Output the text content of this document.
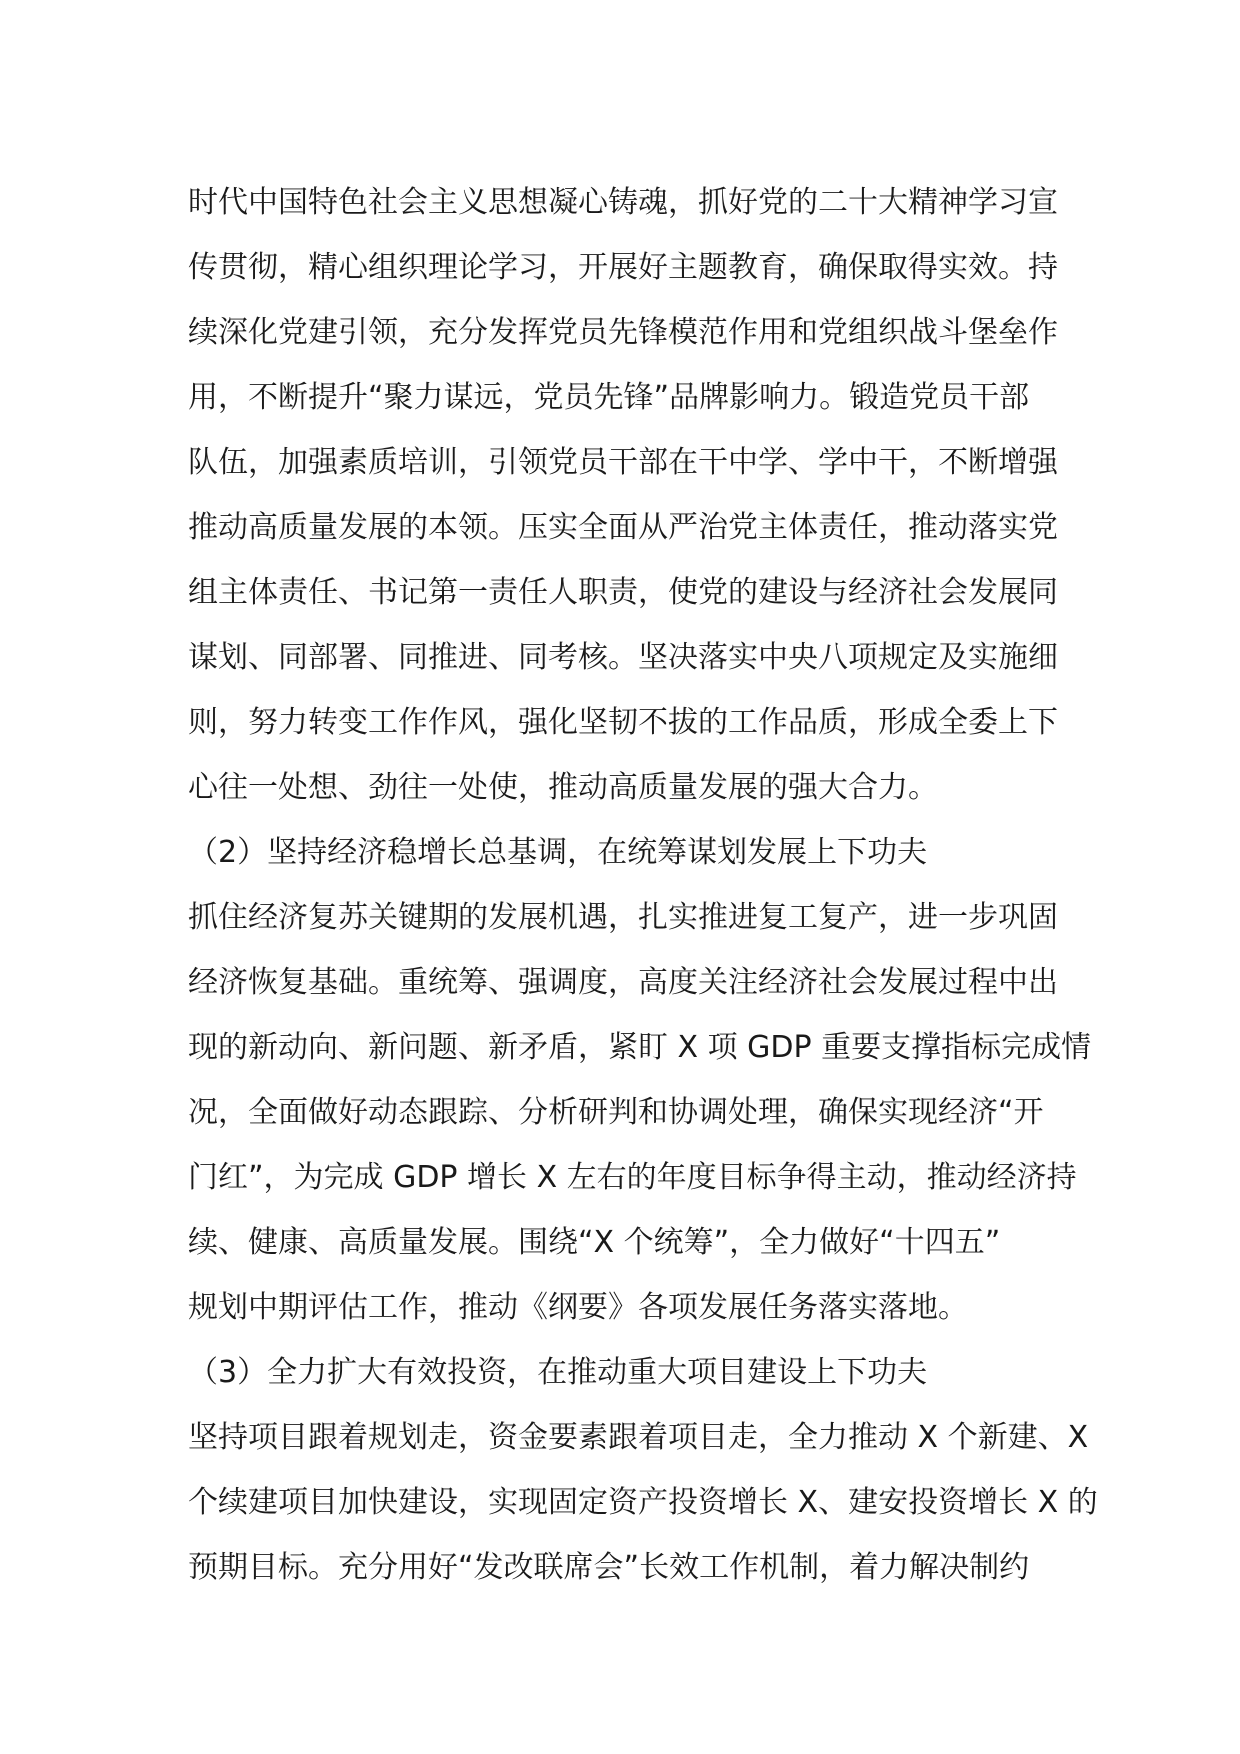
时代中国特色社会主义思想凝心铸魂，抓好党的二十大精神学习宣
传贯彻，精心组织理论学习，开展好主题教育，确保取得实效。持
续深化党建引领，充分发挥党员先锋模范作用和党组织战斗堡垒作
用，不断提升“聚力谋远，党员先锋”品牌影响力。锻造党员干部
队伍，加强素质培训，引领党员干部在干中学、学中干，不断增强
推动高质量发展的本领。压实全面从严治党主体责任，推动落实党
组主体责任、书记第一责任人职责，使党的建设与经济社会发展同
谋划、同部署、同推进、同考核。坚决落实中央八项规定及实施细
则，努力转变工作作风，强化坚韧不拔的工作品质，形成全委上下
心往一处想、劲往一处使，推动高质量发展的强大合力。
（2）坚持经济稳增长总基调，在统筹谋划发展上下功夫
抓住经济复苏关键期的发展机遇，扎实推进复工复产，进一步巩固
经济恢复基础。重统筹、强调度，高度关注经济社会发展过程中出
现的新动向、新问题、新矛盾，紧盯 X 项 GDP 重要支撑指标完成情
况，全面做好动态跟踪、分析研判和协调处理，确保实现经济“开
门红”，为完成 GDP 增长 X 左右的年度目标争得主动，推动经济持
续、健康、高质量发展。围绕“X 个统筹”，全力做好“十四五”
规划中期评估工作，推动《纲要》各项发展任务落实落地。
（3）全力扩大有效投资，在推动重大项目建设上下功夫
坚持项目跟着规划走，资金要素跟着项目走，全力推动 X 个新建、X
个续建项目加快建设，实现固定资产投资增长 X、建安投资增长 X 的
预期目标。充分用好“发改联席会”长效工作机制，着力解决制约
